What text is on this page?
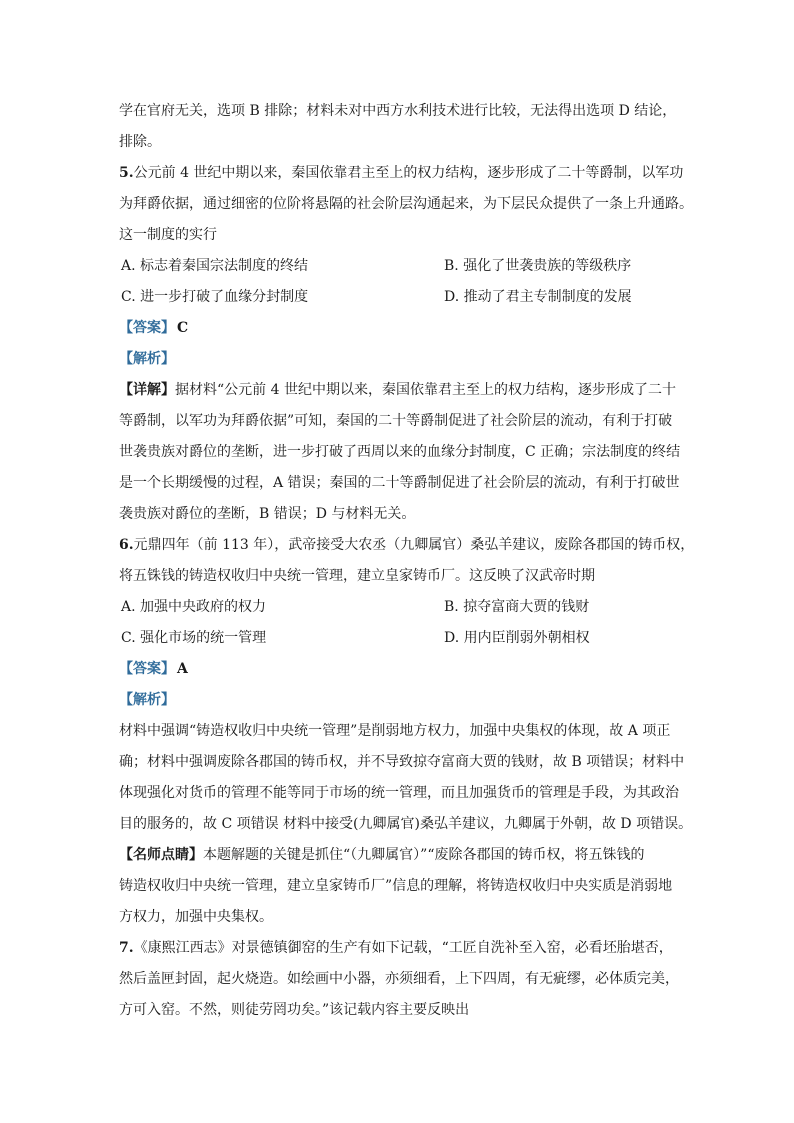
学在官府无关，选项 B 排除；材料未对中西方水利技术进行比较，无法得出选项 D 结论，
排除。
5.公元前 4 世纪中期以来，秦国依靠君主至上的权力结构，逐步形成了二十等爵制，以军功
为拜爵依据，通过细密的位阶将悬隔的社会阶层沟通起来，为下层民众提供了一条上升通路。
这一制度的实行
A. 标志着秦国宗法制度的终结	B. 强化了世袭贵族的等级秩序
C. 进一步打破了血缘分封制度	D. 推动了君主专制制度的发展
【答案】 C
【解析】
【详解】据材料“公元前 4 世纪中期以来，秦国依靠君主至上的权力结构，逐步形成了二十
等爵制，以军功为拜爵依据”可知，秦国的二十等爵制促进了社会阶层的流动，有利于打破
世袭贵族对爵位的垄断，进一步打破了西周以来的血缘分封制度，C 正确；宗法制度的终结
是一个长期缓慢的过程，A 错误；秦国的二十等爵制促进了社会阶层的流动，有利于打破世
袭贵族对爵位的垄断，B 错误；D 与材料无关。
6.元鼎四年（前 113 年），武帝接受大农丞（九卿属官）桑弘羊建议，废除各郡国的铸币权，
将五铢钱的铸造权收归中央统一管理，建立皇家铸币厂。这反映了汉武帝时期
A. 加强中央政府的权力	B. 掠夺富商大贾的钱财
C. 强化市场的统一管理	D. 用内臣削弱外朝相权
【答案】 A
【解析】
材料中强调“铸造权收归中央统一管理”是削弱地方权力，加强中央集权的体现，故 A 项正
确；材料中强调废除各郡国的铸币权，并不导致掠夺富商大贾的钱财，故 B 项错误；材料中
体现强化对货币的管理不能等同于市场的统一管理，而且加强货币的管理是手段，为其政治
目的服务的，故 C 项错误 材料中接受(九卿属官)桑弘羊建议，九卿属于外朝，故 D 项错误。
【名师点睛】本题解题的关键是抓住“（九卿属官）”“废除各郡国的铸币权，将五铢钱的
铸造权收归中央统一管理，建立皇家铸币厂”信息的理解，将铸造权收归中央实质是消弱地
方权力，加强中央集权。
7.《康熙江西志》对景德镇御窑的生产有如下记载，“工匠自洗补至入窑，必看坯胎堪否，
然后盖匣封固，起火烧造。如绘画中小器，亦须细看，上下四周，有无疵缪，必体质完美，
方可入窑。不然，则徒劳罔功矣。”该记载内容主要反映出
